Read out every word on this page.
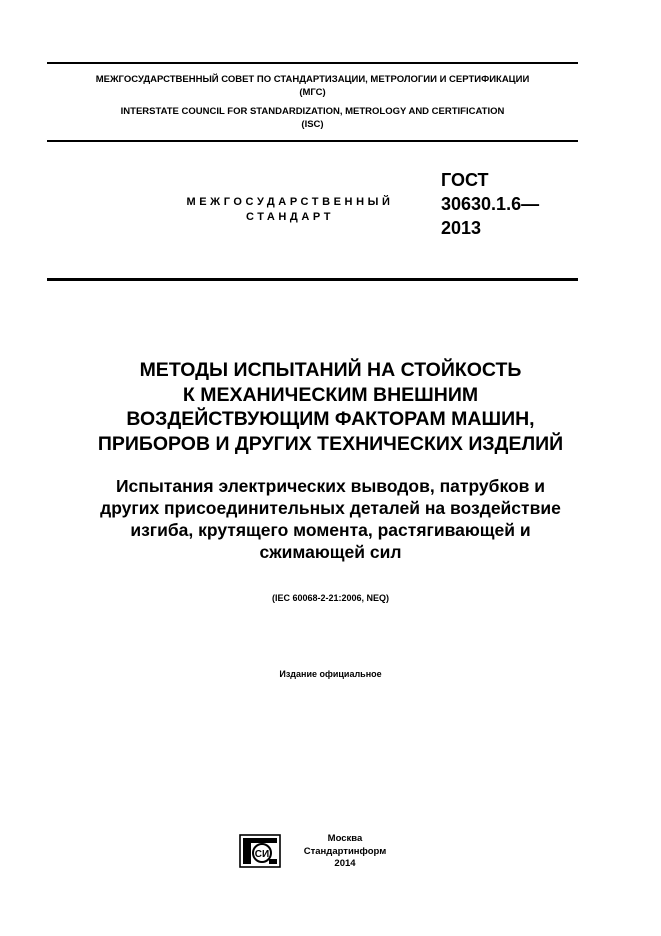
МЕЖГОСУДАРСТВЕННЫЙ СОВЕТ ПО СТАНДАРТИЗАЦИИ, МЕТРОЛОГИИ И СЕРТИФИКАЦИИ
(МГС)
INTERSTATE COUNCIL FOR STANDARDIZATION, METROLOGY AND CERTIFICATION
(ISC)
МЕЖГОСУДАРСТВЕННЫЙ
СТАНДАРТ
ГОСТ
30630.1.6—
2013
МЕТОДЫ ИСПЫТАНИЙ НА СТОЙКОСТЬ
К МЕХАНИЧЕСКИМ ВНЕШНИМ
ВОЗДЕЙСТВУЮЩИМ ФАКТОРАМ МАШИН,
ПРИБОРОВ И ДРУГИХ ТЕХНИЧЕСКИХ ИЗДЕЛИЙ
Испытания электрических выводов, патрубков и
других присоединительных деталей на воздействие
изгиба, крутящего момента, растягивающей и
сжимающей сил
(IEC 60068-2-21:2006, NEQ)
Издание официальное
СИ
Москва
Стандартинформ
2014
